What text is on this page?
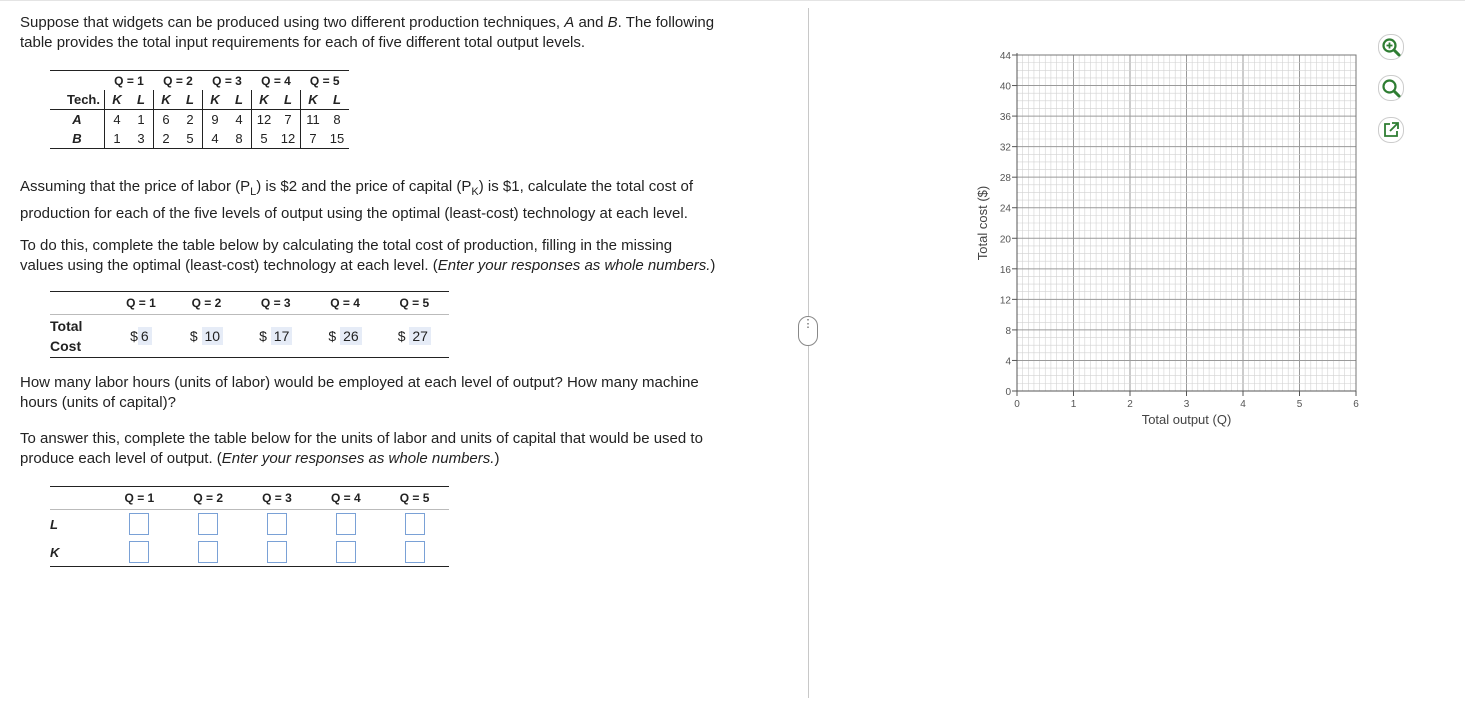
Suppose that widgets can be produced using two different production techniques, A and B. The following
table provides the total input requirements for each of five different total output levels.

	Q = 1		Q = 2		Q = 3		Q = 4		Q = 5	
Tech.	K	L	K	L	K	L	K	L	K	L
A	4	1	6	2	9	4	12	7	11	8
B	1	3	2	5	4	8	5	12	7	15

Assuming that the price of labor $(P_L)$ is $2 and the price of capital $(P_K)$ is $1, calculate the total cost of
production for each of the five levels of output using the optimal (least-cost) technology at each level.

To do this, complete the table below by calculating the total cost of production, filling in the missing
values using the optimal (least-cost) technology at each level. (Enter your responses as whole numbers.)

	Q = 1	Q = 2	Q = 3	Q = 4	Q = 5
Total
Cost	$ 6	$ 10	$ 17	$ 26	$ 27

How many labor hours (units of labor) would be employed at each level of output? How many machine
hours (units of capital)?

To answer this, complete the table below for the units of labor and units of capital that would be used to
produce each level of output. (Enter your responses as whole numbers.)

	Q = 1	Q = 2	Q = 3	Q = 4	Q = 5
L					
K					
⋮
0
4
8
12
16
20
24
28
32
36
40
44
0	1	2	3	4	5	6
Total cost ($)
Total output (Q)
